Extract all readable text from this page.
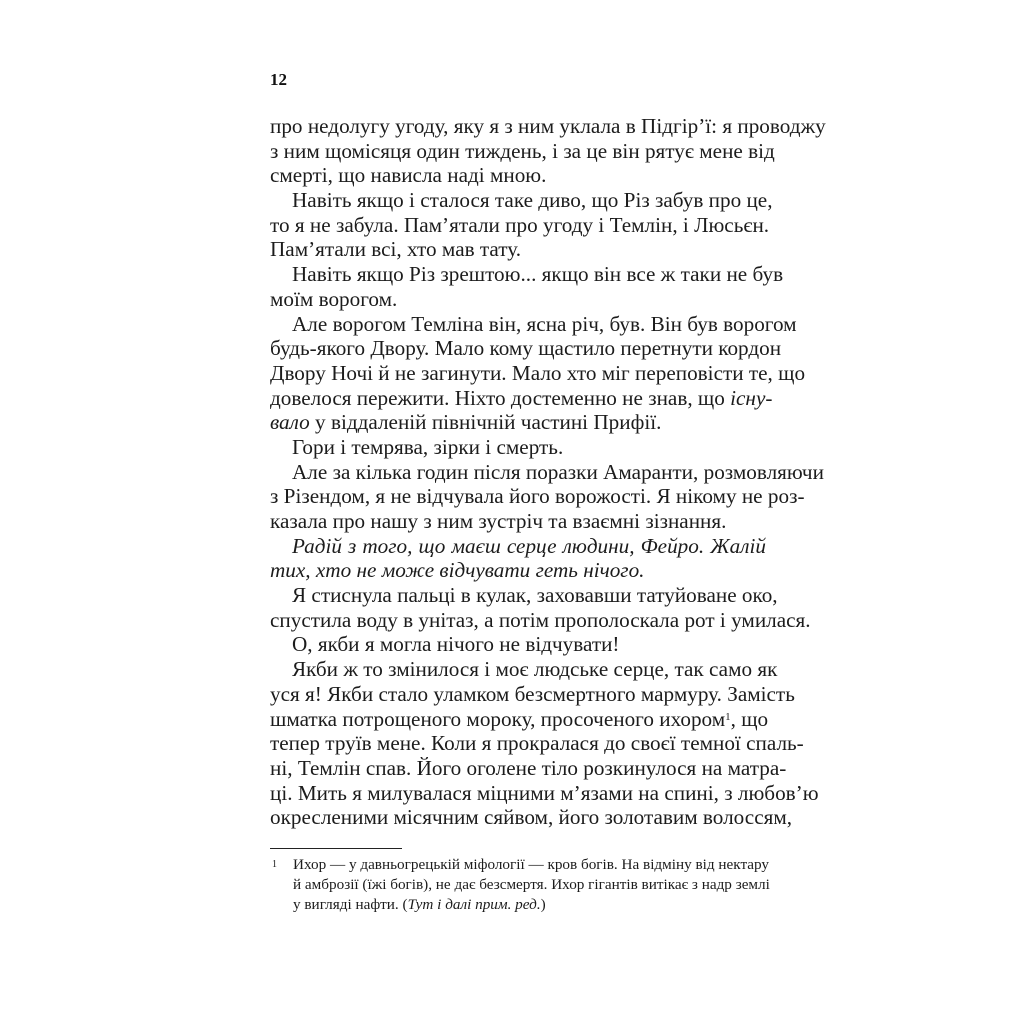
12
про недолугу угоду, яку я з ним уклала в Підгір’ї: я проводжу
з ним щомісяця один тиждень, і за це він рятує мене від
смерті, що нависла наді мною.
Навіть якщо і сталося таке диво, що Різ забув про це,
то я не забула. Пам’ятали про угоду і Темлін, і Люсьєн.
Пам’ятали всі, хто мав тату.
Навіть якщо Різ зрештою... якщо він все ж таки не був
моїм ворогом.
Але ворогом Темліна він, ясна річ, був. Він був ворогом
будь-якого Двору. Мало кому щастило перетнути кордон
Двору Ночі й не загинути. Мало хто міг переповісти те, що
довелося пережити. Ніхто достеменно не знав, що існу-
вало у віддаленій північній частині Прифії.
Гори і темрява, зірки і смерть.
Але за кілька годин після поразки Амаранти, розмовляючи
з Різендом, я не відчувала його ворожості. Я нікому не роз-
казала про нашу з ним зустріч та взаємні зізнання.
Радій з того, що маєш серце людини, Фейро. Жалій
тих, хто не може відчувати геть нічого.
Я стиснула пальці в кулак, заховавши татуйоване око,
спустила воду в унітаз, а потім прополоскала рот і умилася.
О, якби я могла нічого не відчувати!
Якби ж то змінилося і моє людське серце, так само як
уся я! Якби стало уламком безсмертного мармуру. Замість
шматка потрощеного мороку, просоченого ихором$^1$, що
тепер труїв мене. Коли я прокралася до своєї темної спаль-
ні, Темлін спав. Його оголене тіло розкинулося на матра-
ці. Мить я милувалася міцними м’язами на спині, з любов’ю
окресленими місячним сяйвом, його золотавим волоссям,
1 Ихор — у давньогрецькій міфології — кров богів. На відміну від нектару
й амброзії (їжі богів), не дає безсмертя. Ихор гігантів витікає з надр землі
у вигляді нафти. (Тут і далі прим. ред.)
